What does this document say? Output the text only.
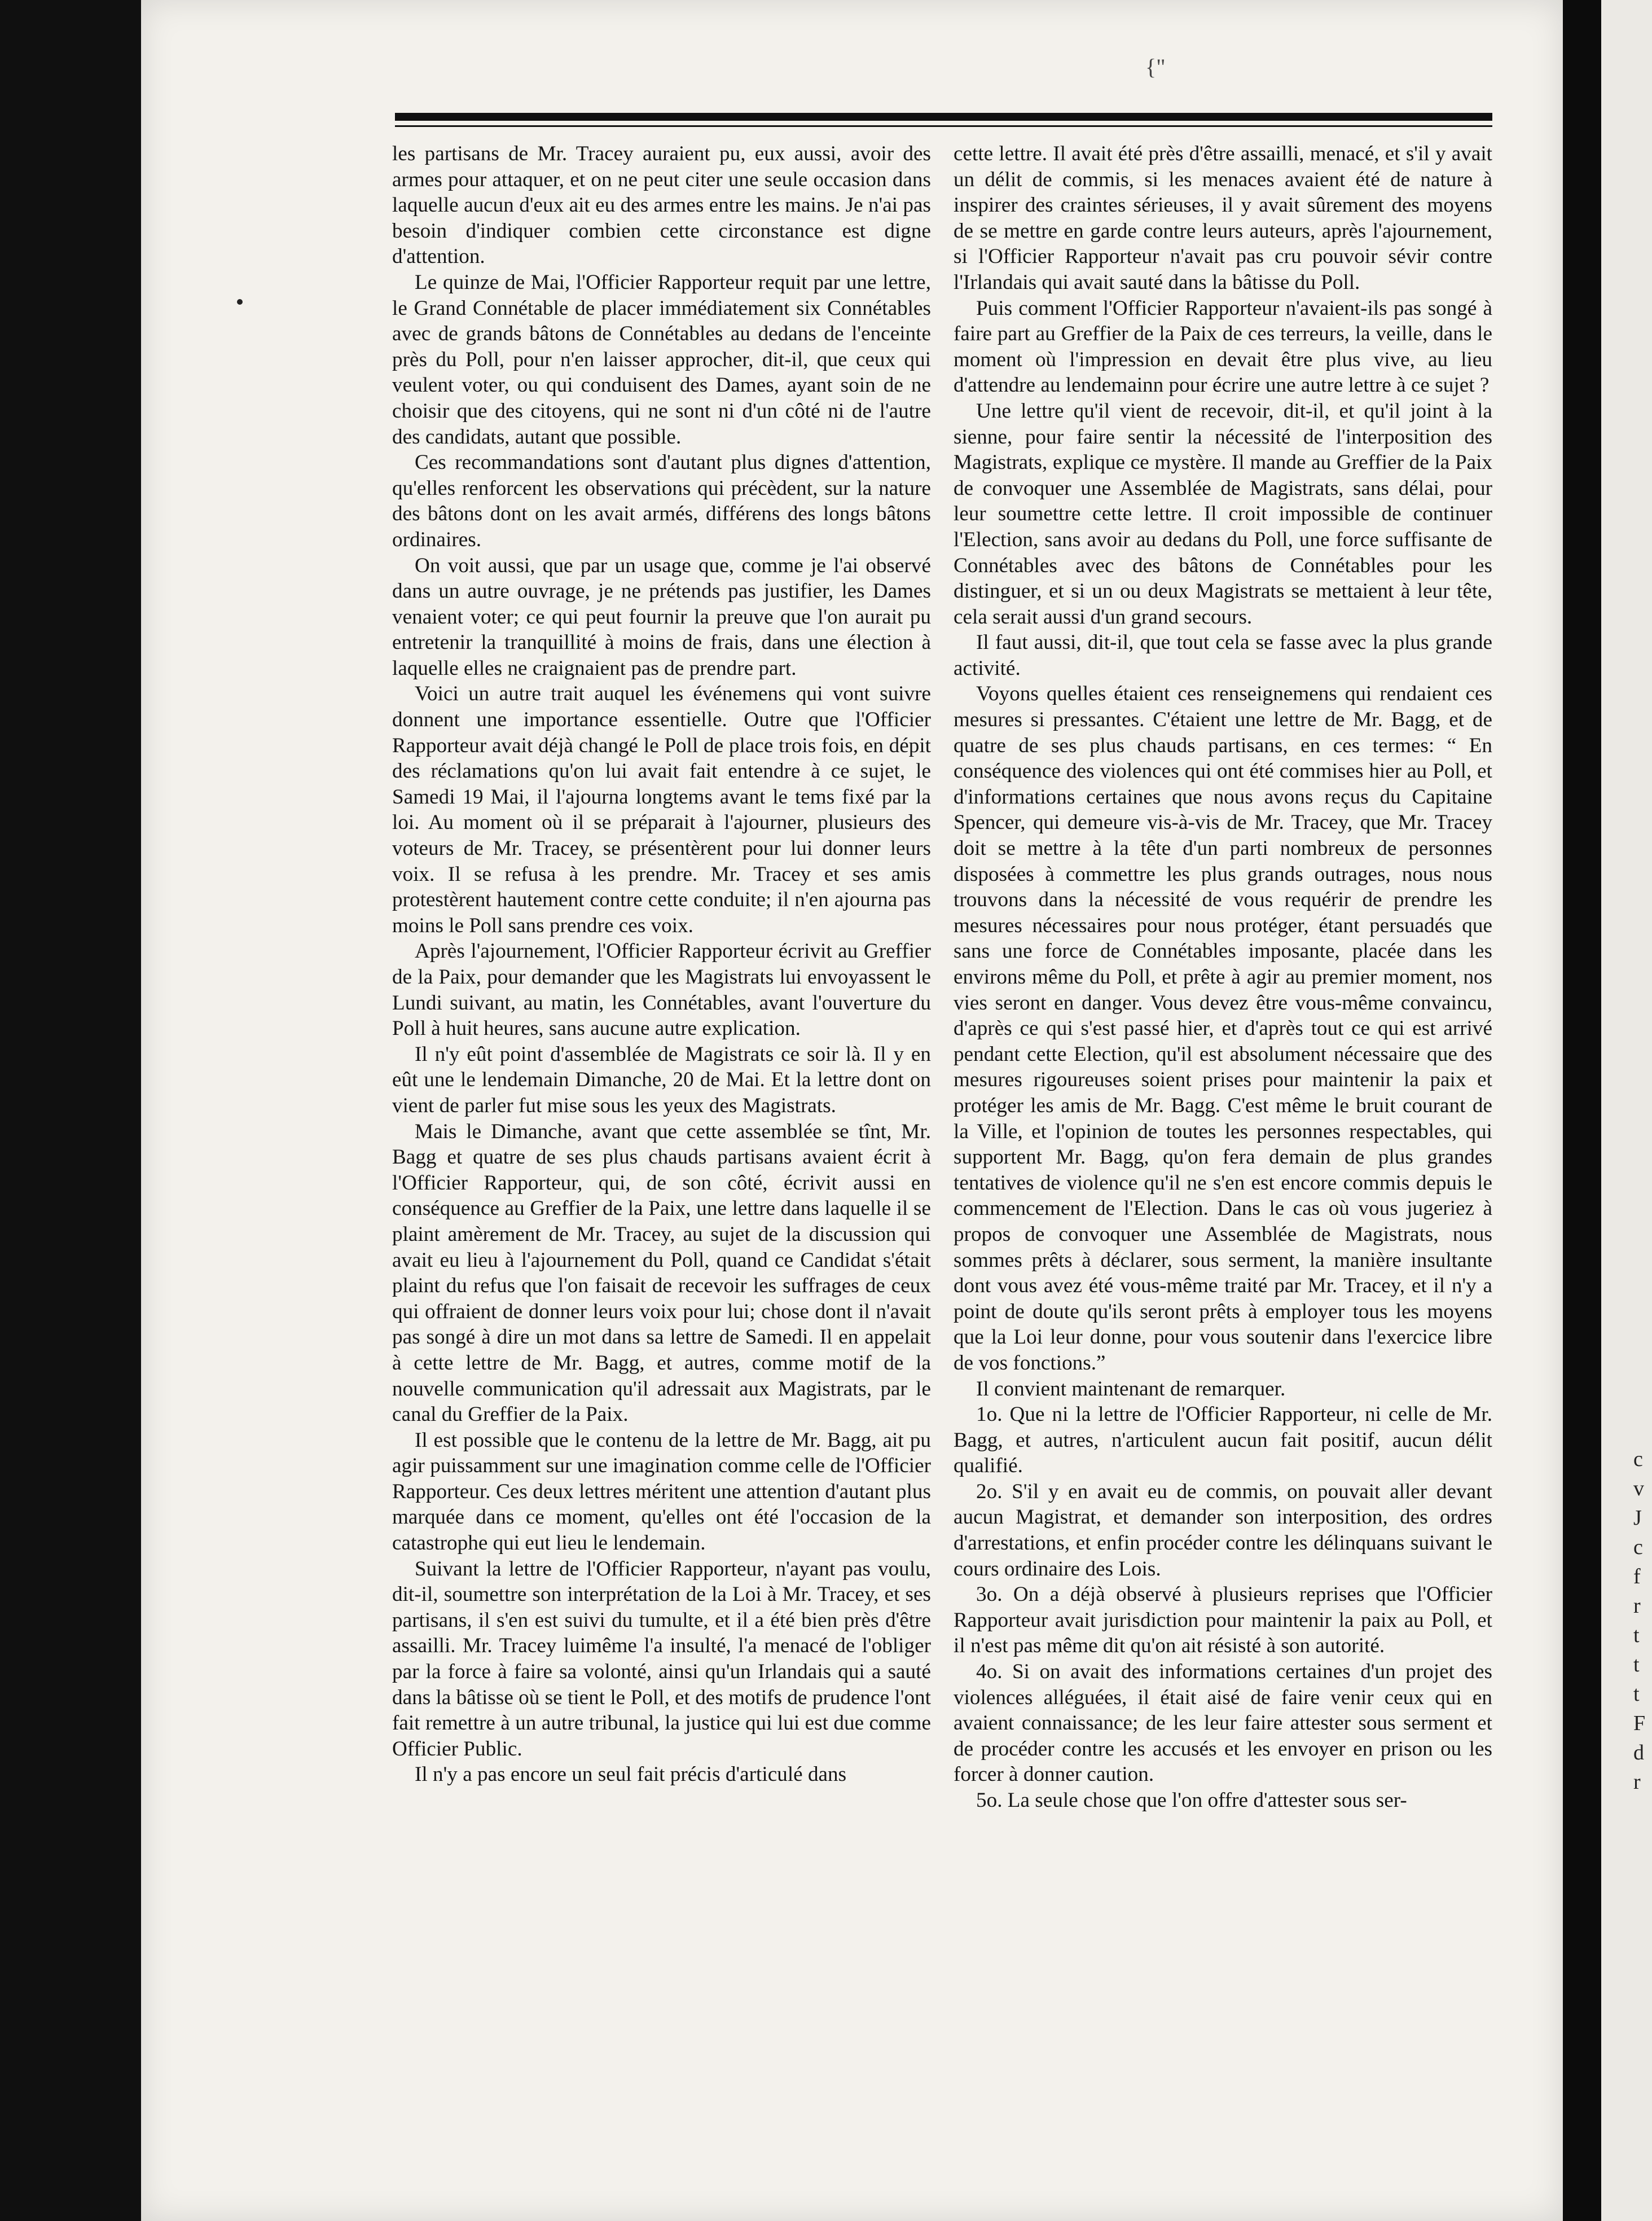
c
v
J
c
f
r
t
t
t
F
d
r
{"

les partisans de Mr. Tracey auraient pu, eux aussi, avoir des armes pour attaquer, et on ne peut citer une seule occasion dans laquelle aucun d'eux ait eu des armes entre les mains. Je n'ai pas besoin d'indiquer combien cette circonstance est digne d'attention.

Le quinze de Mai, l'Officier Rapporteur requit par une lettre, le Grand Connétable de placer immédiatement six Connétables avec de grands bâtons de Connétables au dedans de l'enceinte près du Poll, pour n'en laisser approcher, dit-il, que ceux qui veulent voter, ou qui conduisent des Dames, ayant soin de ne choisir que des citoyens, qui ne sont ni d'un côté ni de l'autre des candidats, autant que possible.

Ces recommandations sont d'autant plus dignes d'attention, qu'elles renforcent les observations qui précèdent, sur la nature des bâtons dont on les avait armés, différens des longs bâtons ordinaires.

On voit aussi, que par un usage que, comme je l'ai observé dans un autre ouvrage, je ne prétends pas justifier, les Dames venaient voter; ce qui peut fournir la preuve que l'on aurait pu entretenir la tranquillité à moins de frais, dans une élection à laquelle elles ne craignaient pas de prendre part.

Voici un autre trait auquel les événemens qui vont suivre donnent une importance essentielle. Outre que l'Officier Rapporteur avait déjà changé le Poll de place trois fois, en dépit des réclamations qu'on lui avait fait entendre à ce sujet, le Samedi 19 Mai, il l'ajourna longtems avant le tems fixé par la loi. Au moment où il se préparait à l'ajourner, plusieurs des voteurs de Mr. Tracey, se présentèrent pour lui donner leurs voix. Il se refusa à les prendre. Mr. Tracey et ses amis protestèrent hautement contre cette conduite; il n'en ajourna pas moins le Poll sans prendre ces voix.

Après l'ajournement, l'Officier Rapporteur écrivit au Greffier de la Paix, pour demander que les Magistrats lui envoyassent le Lundi suivant, au matin, les Connétables, avant l'ouverture du Poll à huit heures, sans aucune autre explication.

Il n'y eût point d'assemblée de Magistrats ce soir là. Il y en eût une le lendemain Dimanche, 20 de Mai. Et la lettre dont on vient de parler fut mise sous les yeux des Magistrats.

Mais le Dimanche, avant que cette assemblée se tînt, Mr. Bagg et quatre de ses plus chauds partisans avaient écrit à l'Officier Rapporteur, qui, de son côté, écrivit aussi en conséquence au Greffier de la Paix, une lettre dans laquelle il se plaint amèrement de Mr. Tracey, au sujet de la discussion qui avait eu lieu à l'ajournement du Poll, quand ce Candidat s'était plaint du refus que l'on faisait de recevoir les suffrages de ceux qui offraient de donner leurs voix pour lui; chose dont il n'avait pas songé à dire un mot dans sa lettre de Samedi. Il en appelait à cette lettre de Mr. Bagg, et autres, comme motif de la nouvelle communication qu'il adressait aux Magistrats, par le canal du Greffier de la Paix.

Il est possible que le contenu de la lettre de Mr. Bagg, ait pu agir puissamment sur une imagination comme celle de l'Officier Rapporteur. Ces deux lettres méritent une attention d'autant plus marquée dans ce moment, qu'elles ont été l'occasion de la catastrophe qui eut lieu le lendemain.

Suivant la lettre de l'Officier Rapporteur, n'ayant pas voulu, dit-il, soumettre son interprétation de la Loi à Mr. Tracey, et ses partisans, il s'en est suivi du tumulte, et il a été bien près d'être assailli. Mr. Tracey luimême l'a insulté, l'a menacé de l'obliger par la force à faire sa volonté, ainsi qu'un Irlandais qui a sauté dans la bâtisse où se tient le Poll, et des motifs de prudence l'ont fait remettre à un autre tribunal, la justice qui lui est due comme Officier Public.

Il n'y a pas encore un seul fait précis d'articulé dans

cette lettre. Il avait été près d'être assailli, menacé, et s'il y avait un délit de commis, si les menaces avaient été de nature à inspirer des craintes sérieuses, il y avait sûrement des moyens de se mettre en garde contre leurs auteurs, après l'ajournement, si l'Officier Rapporteur n'avait pas cru pouvoir sévir contre l'Irlandais qui avait sauté dans la bâtisse du Poll.

Puis comment l'Officier Rapporteur n'avaient-ils pas songé à faire part au Greffier de la Paix de ces terreurs, la veille, dans le moment où l'impression en devait être plus vive, au lieu d'attendre au lendemainn pour écrire une autre lettre à ce sujet ?

Une lettre qu'il vient de recevoir, dit-il, et qu'il joint à la sienne, pour faire sentir la nécessité de l'interposition des Magistrats, explique ce mystère. Il mande au Greffier de la Paix de convoquer une Assemblée de Magistrats, sans délai, pour leur soumettre cette lettre. Il croit impossible de continuer l'Election, sans avoir au dedans du Poll, une force suffisante de Connétables avec des bâtons de Connétables pour les distinguer, et si un ou deux Magistrats se mettaient à leur tête, cela serait aussi d'un grand secours.

Il faut aussi, dit-il, que tout cela se fasse avec la plus grande activité.

Voyons quelles étaient ces renseignemens qui rendaient ces mesures si pressantes. C'étaient une lettre de Mr. Bagg, et de quatre de ses plus chauds partisans, en ces termes: “ En conséquence des violences qui ont été commises hier au Poll, et d'informations certaines que nous avons reçus du Capitaine Spencer, qui demeure vis-à-vis de Mr. Tracey, que Mr. Tracey doit se mettre à la tête d'un parti nombreux de personnes disposées à commettre les plus grands outrages, nous nous trouvons dans la nécessité de vous requérir de prendre les mesures nécessaires pour nous protéger, étant persuadés que sans une force de Connétables imposante, placée dans les environs même du Poll, et prête à agir au premier moment, nos vies seront en danger. Vous devez être vous-même convaincu, d'après ce qui s'est passé hier, et d'après tout ce qui est arrivé pendant cette Election, qu'il est absolument nécessaire que des mesures rigoureuses soient prises pour maintenir la paix et protéger les amis de Mr. Bagg. C'est même le bruit courant de la Ville, et l'opinion de toutes les personnes respectables, qui supportent Mr. Bagg, qu'on fera demain de plus grandes tentatives de violence qu'il ne s'en est encore commis depuis le commencement de l'Election. Dans le cas où vous jugeriez à propos de convoquer une Assemblée de Magistrats, nous sommes prêts à déclarer, sous serment, la manière insultante dont vous avez été vous-même traité par Mr. Tracey, et il n'y a point de doute qu'ils seront prêts à employer tous les moyens que la Loi leur donne, pour vous soutenir dans l'exercice libre de vos fonctions.”

Il convient maintenant de remarquer.

1o. Que ni la lettre de l'Officier Rapporteur, ni celle de Mr. Bagg, et autres, n'articulent aucun fait positif, aucun délit qualifié.

2o. S'il y en avait eu de commis, on pouvait aller devant aucun Magistrat, et demander son interposition, des ordres d'arrestations, et enfin procéder contre les délinquans suivant le cours ordinaire des Lois.

3o. On a déjà observé à plusieurs reprises que l'Officier Rapporteur avait jurisdiction pour maintenir la paix au Poll, et il n'est pas même dit qu'on ait résisté à son autorité.

4o. Si on avait des informations certaines d'un projet des violences alléguées, il était aisé de faire venir ceux qui en avaient connaissance; de les leur faire attester sous serment et de procéder contre les accusés et les envoyer en prison ou les forcer à donner caution.

5o. La seule chose que l'on offre d'attester sous ser-
